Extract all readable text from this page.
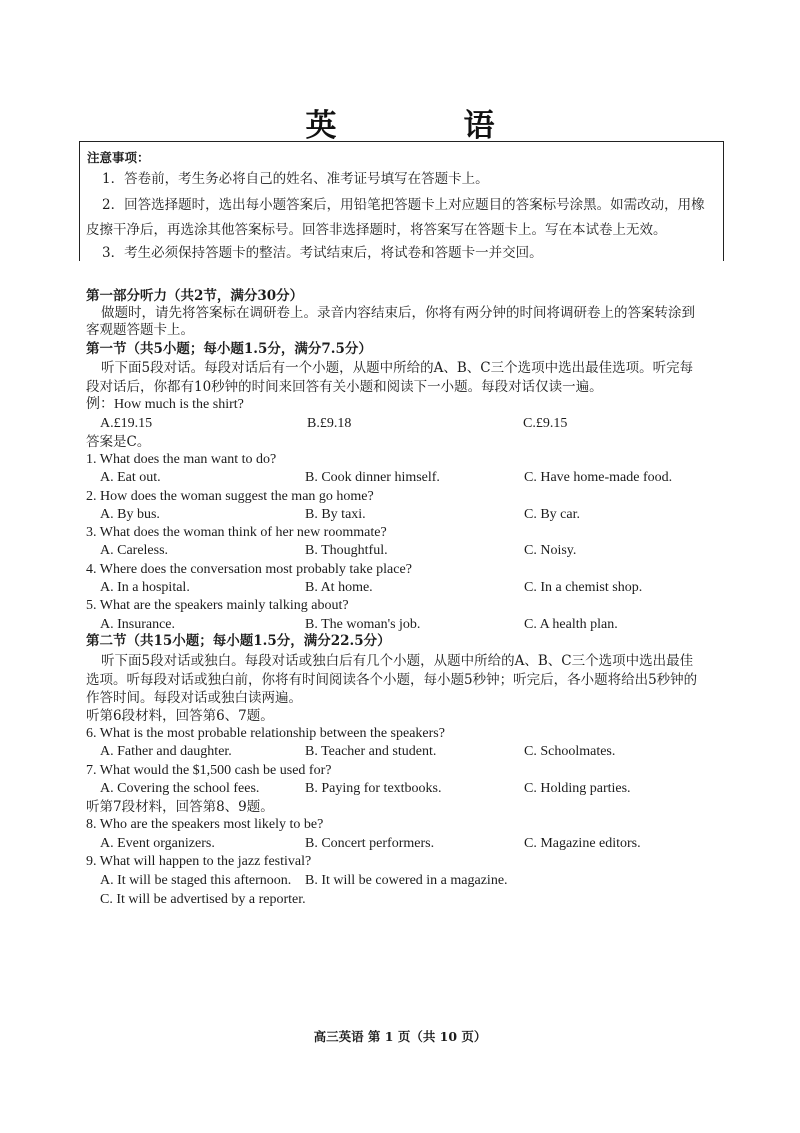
英　语
注意事项：
1．答卷前，考生务必将自己的姓名、准考证号填写在答题卡上。
2．回答选择题时，选出每小题答案后，用铅笔把答题卡上对应题目的答案标号涂黑。如需改动，用橡
皮擦干净后，再选涂其他答案标号。回答非选择题时，将答案写在答题卡上。写在本试卷上无效。
3．考生必须保持答题卡的整洁。考试结束后，将试卷和答题卡一并交回。
第一部分听力（共2节，满分30分）
做题时，请先将答案标在调研卷上。录音内容结束后，你将有两分钟的时间将调研卷上的答案转涂到
客观题答题卡上。
第一节（共5小题；每小题1.5分，满分7.5分）
听下面5段对话。每段对话后有一个小题，从题中所给的A、B、C三个选项中选出最佳选项。听完每
段对话后，你都有10秒钟的时间来回答有关小题和阅读下一小题。每段对话仅读一遍。
例：How much is the shirt?
A.£19.15	B.£9.18	C.£9.15
答案是C。
1. What does the man want to do?
A. Eat out.	B. Cook dinner himself.	C. Have home-made food.
2. How does the woman suggest the man go home?
A. By bus.	B. By taxi.	C. By car.
3. What does the woman think of her new roommate?
A. Careless.	B. Thoughtful.	C. Noisy.
4. Where does the conversation most probably take place?
A. In a hospital.	B. At home.	C. In a chemist shop.
5. What are the speakers mainly talking about?
A. Insurance.	B. The woman's job.	C. A health plan.
第二节（共15小题；每小题1.5分，满分22.5分）
听下面5段对话或独白。每段对话或独白后有几个小题，从题中所给的A、B、C三个选项中选出最佳
选项。听每段对话或独白前，你将有时间阅读各个小题，每小题5秒钟；听完后，各小题将给出5秒钟的
作答时间。每段对话或独白读两遍。
听第6段材料，回答第6、7题。
6. What is the most probable relationship between the speakers?
A. Father and daughter.	B. Teacher and student.	C. Schoolmates.
7. What would the $1,500 cash be used for?
A. Covering the school fees.	B. Paying for textbooks.	C. Holding parties.
听第7段材料，回答第8、9题。
8. Who are the speakers most likely to be?
A. Event organizers.	B. Concert performers.	C. Magazine editors.
9. What will happen to the jazz festival?
A. It will be staged this afternoon. B. It will be cowered in a magazine.
C. It will be advertised by a reporter.
高三英语 第 1 页（共 10 页）
